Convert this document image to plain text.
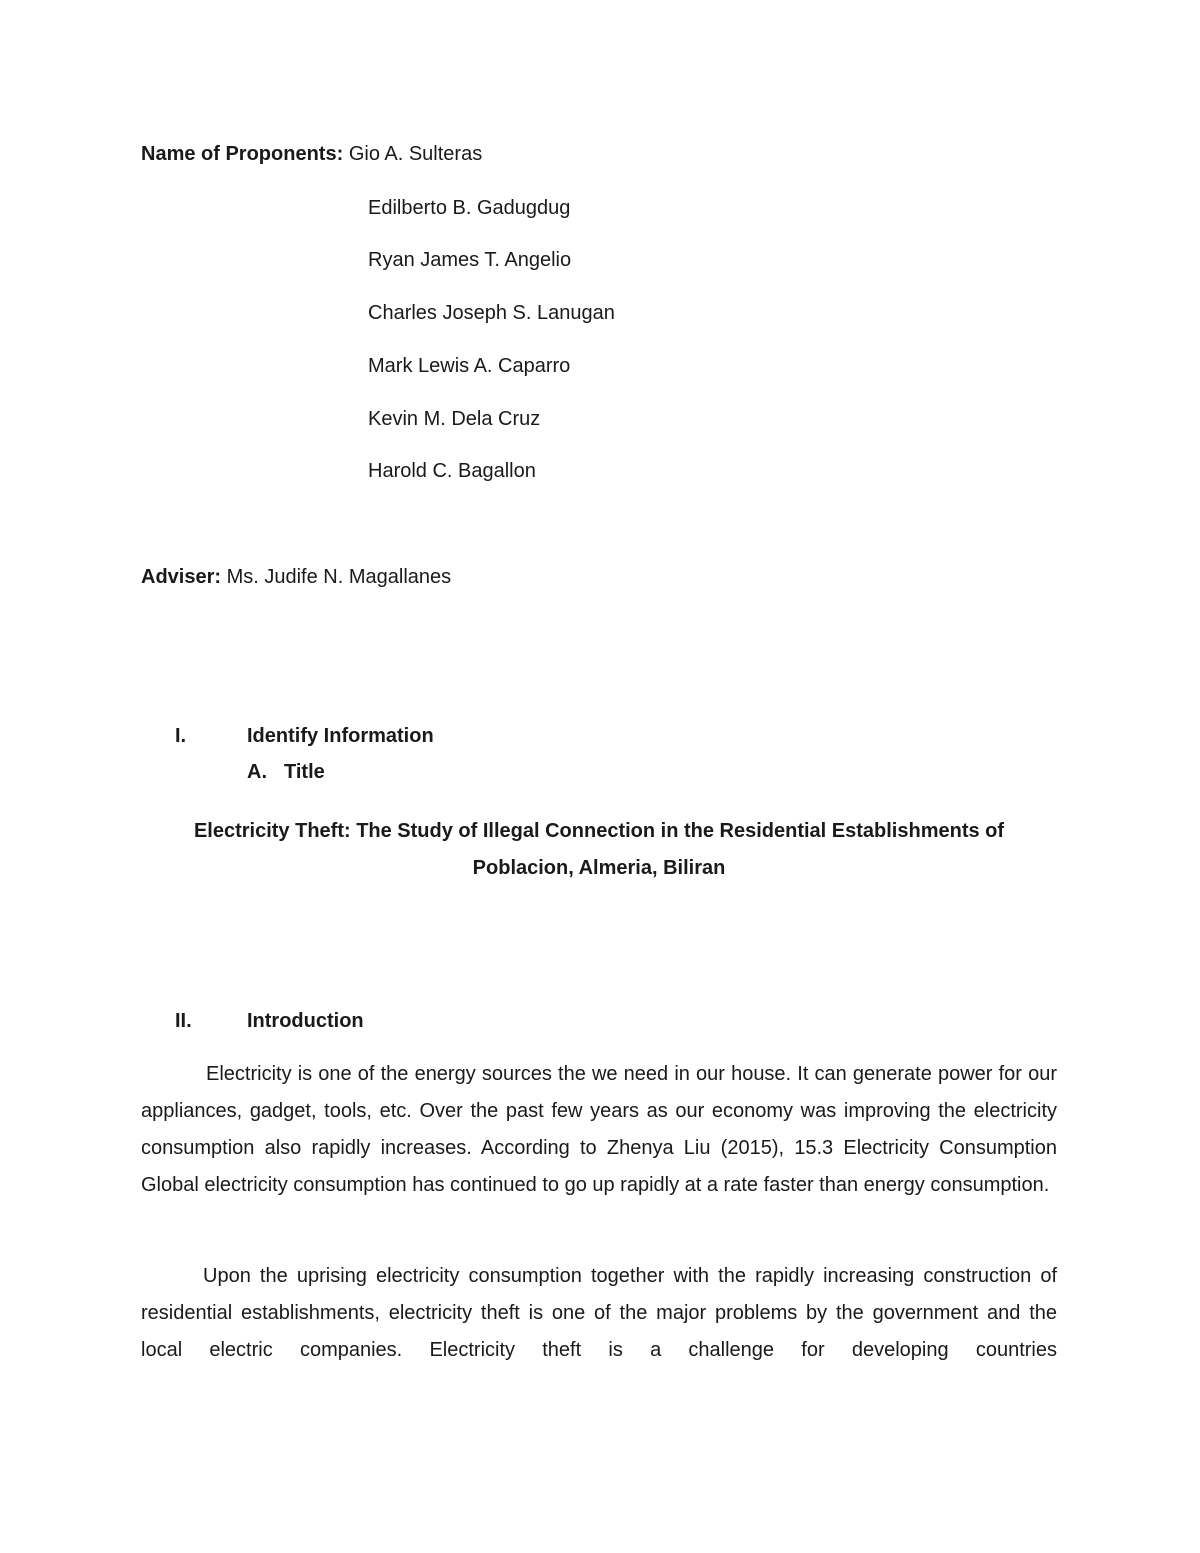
Name of Proponents: Gio A. Sulteras
Edilberto B. Gadugdug
Ryan James T. Angelio
Charles Joseph S. Lanugan
Mark Lewis A. Caparro
Kevin M. Dela Cruz
Harold C. Bagallon
Adviser: Ms. Judife N. Magallanes
I.	Identify Information
A. Title
Electricity Theft: The Study of Illegal Connection in the Residential Establishments of
Poblacion, Almeria, Biliran
II.	Introduction

Electricity is one of the energy sources the we need in our house. It can generate power for our appliances, gadget, tools, etc. Over the past few years as our economy was improving the electricity consumption also rapidly increases. According to Zhenya Liu (2015), 15.3 Electricity Consumption Global electricity consumption has continued to go up rapidly at a rate faster than energy consumption.

Upon the uprising electricity consumption together with the rapidly increasing construction of residential establishments, electricity theft is one of the major problems by the government and the local electric companies. Electricity theft is a challenge for developing countries
